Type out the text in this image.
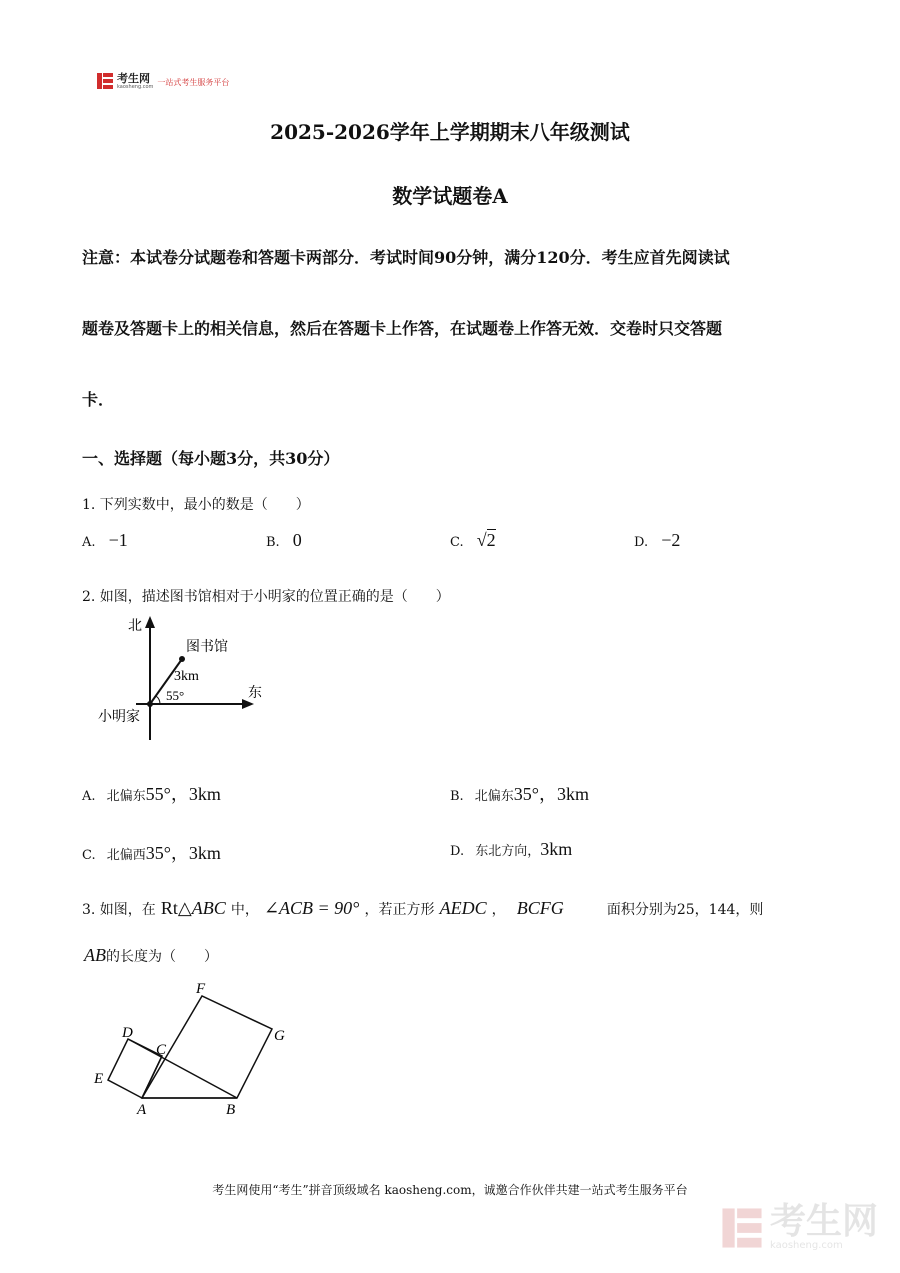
考生网
kaosheng.com 一站式考生服务平台
2025-2026学年上学期期末八年级测试
数学试题卷A
注意：本试卷分试题卷和答题卡两部分．考试时间90分钟，满分120分．考生应首先阅读试
题卷及答题卡上的相关信息，然后在答题卡上作答，在试题卷上作答无效．交卷时只交答题
卡．
一、选择题（每小题3分，共30分）
1. 下列实数中，最小的数是（　　）
A. −1	B. 0	C. √2	D. −2
2. 如图，描述图书馆相对于小明家的位置正确的是（　　）
北
东
图书馆
3km
55°
小明家
A. 北偏东55°，3km	B. 北偏东35°，3km
C. 北偏西35°，3km	D. 东北方向，3km
3. 如图，在 Rt△ABC 中， ∠ACB = 90° ，若正方形 AEDC ， BCFG	面积分别为25，144，则
AB的长度为（　　）
F
G
D
C
E
A	B
考生网使用“考生”拼音顶级域名 kaosheng.com，诚邀合作伙伴共建一站式考生服务平台
考生网
kaosheng.com
